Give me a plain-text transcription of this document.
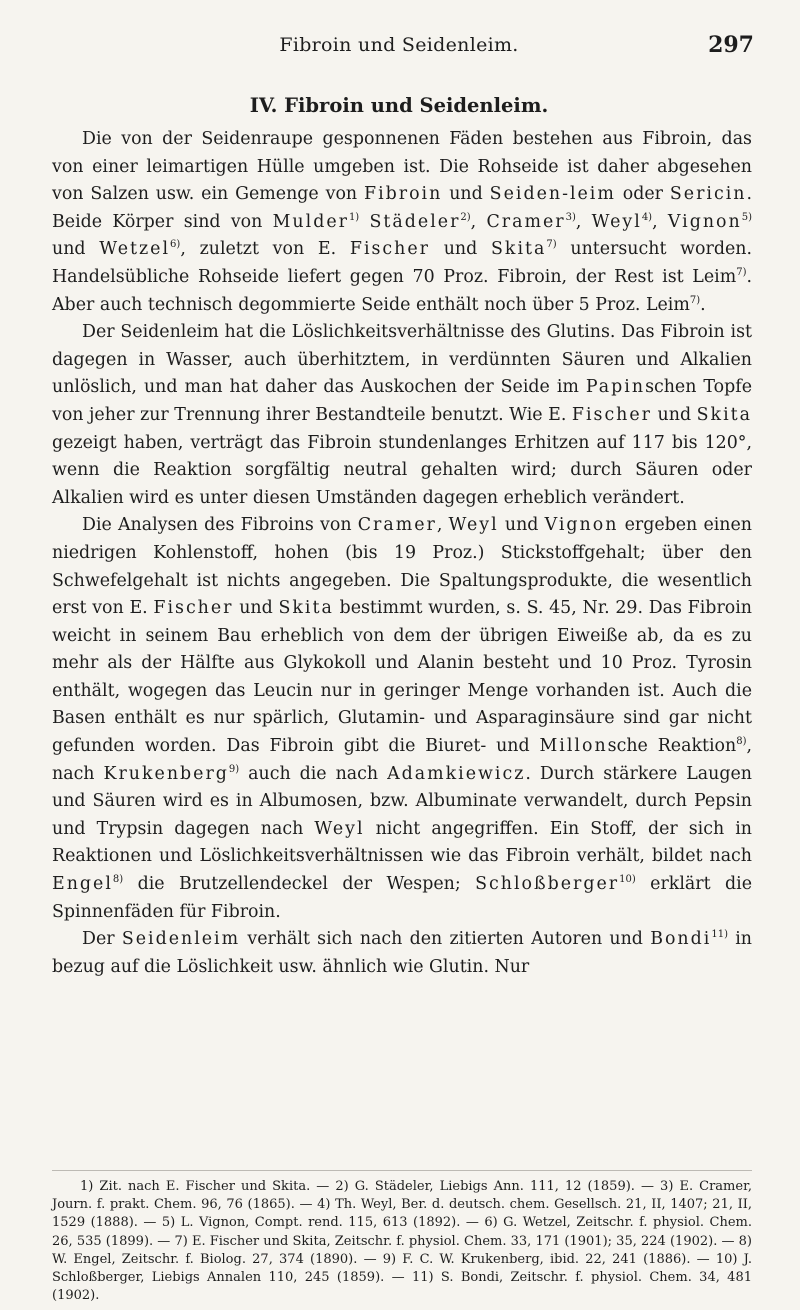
Fibroin und Seidenleim.	297
IV. Fibroin und Seidenleim.

Die von der Seidenraupe gesponnenen Fäden bestehen aus Fibroin, das von einer leimartigen Hülle umgeben ist. Die Rohseide ist daher abgesehen von Salzen usw. ein Gemenge von Fibroin und Seiden-leim oder Sericin. Beide Körper sind von Mulder$^{1)}$ Städeler$^{2)}$, Cramer$^{3)}$, Weyl$^{4)}$, Vignon$^{5)}$ und Wetzel$^{6)}$, zuletzt von E. Fischer und Skita$^{7)}$ untersucht worden. Handelsübliche Rohseide liefert gegen 70 Proz. Fibroin, der Rest ist Leim$^{7)}$. Aber auch technisch degommierte Seide enthält noch über 5 Proz. Leim$^{7)}$.

Der Seidenleim hat die Löslichkeitsverhältnisse des Glutins. Das Fibroin ist dagegen in Wasser, auch überhitztem, in verdünnten Säuren und Alkalien unlöslich, und man hat daher das Auskochen der Seide im Papinschen Topfe von jeher zur Trennung ihrer Bestandteile benutzt. Wie E. Fischer und Skita gezeigt haben, verträgt das Fibroin stundenlanges Erhitzen auf 117 bis 120°, wenn die Reaktion sorgfältig neutral gehalten wird; durch Säuren oder Alkalien wird es unter diesen Umständen dagegen erheblich verändert.

Die Analysen des Fibroins von Cramer, Weyl und Vignon ergeben einen niedrigen Kohlenstoff, hohen (bis 19 Proz.) Stickstoffgehalt; über den Schwefelgehalt ist nichts angegeben. Die Spaltungsprodukte, die wesentlich erst von E. Fischer und Skita bestimmt wurden, s. S. 45, Nr. 29. Das Fibroin weicht in seinem Bau erheblich von dem der übrigen Eiweiße ab, da es zu mehr als der Hälfte aus Glykokoll und Alanin besteht und 10 Proz. Tyrosin enthält, wogegen das Leucin nur in geringer Menge vorhanden ist. Auch die Basen enthält es nur spärlich, Glutamin- und Asparaginsäure sind gar nicht gefunden worden. Das Fibroin gibt die Biuret- und Millonsche Reaktion$^{8)}$, nach Krukenberg$^{9)}$ auch die nach Adamkiewicz. Durch stärkere Laugen und Säuren wird es in Albumosen, bzw. Albuminate verwandelt, durch Pepsin und Trypsin dagegen nach Weyl nicht angegriffen. Ein Stoff, der sich in Reaktionen und Löslichkeitsverhältnissen wie das Fibroin verhält, bildet nach Engel$^{8)}$ die Brutzellendeckel der Wespen; Schloßberger$^{10)}$ erklärt die Spinnenfäden für Fibroin.

Der Seidenleim verhält sich nach den zitierten Autoren und Bondi$^{11)}$ in bezug auf die Löslichkeit usw. ähnlich wie Glutin. Nur

1) Zit. nach E. Fischer und Skita. — 2) G. Städeler, Liebigs Ann. 111, 12 (1859). — 3) E. Cramer, Journ. f. prakt. Chem. 96, 76 (1865). — 4) Th. Weyl, Ber. d. deutsch. chem. Gesellsch. 21, II, 1407; 21, II, 1529 (1888). — 5) L. Vignon, Compt. rend. 115, 613 (1892). — 6) G. Wetzel, Zeitschr. f. physiol. Chem. 26, 535 (1899). — 7) E. Fischer und Skita, Zeitschr. f. physiol. Chem. 33, 171 (1901); 35, 224 (1902). — 8) W. Engel, Zeitschr. f. Biolog. 27, 374 (1890). — 9) F. C. W. Krukenberg, ibid. 22, 241 (1886). — 10) J. Schloßberger, Liebigs Annalen 110, 245 (1859). — 11) S. Bondi, Zeitschr. f. physiol. Chem. 34, 481 (1902).
